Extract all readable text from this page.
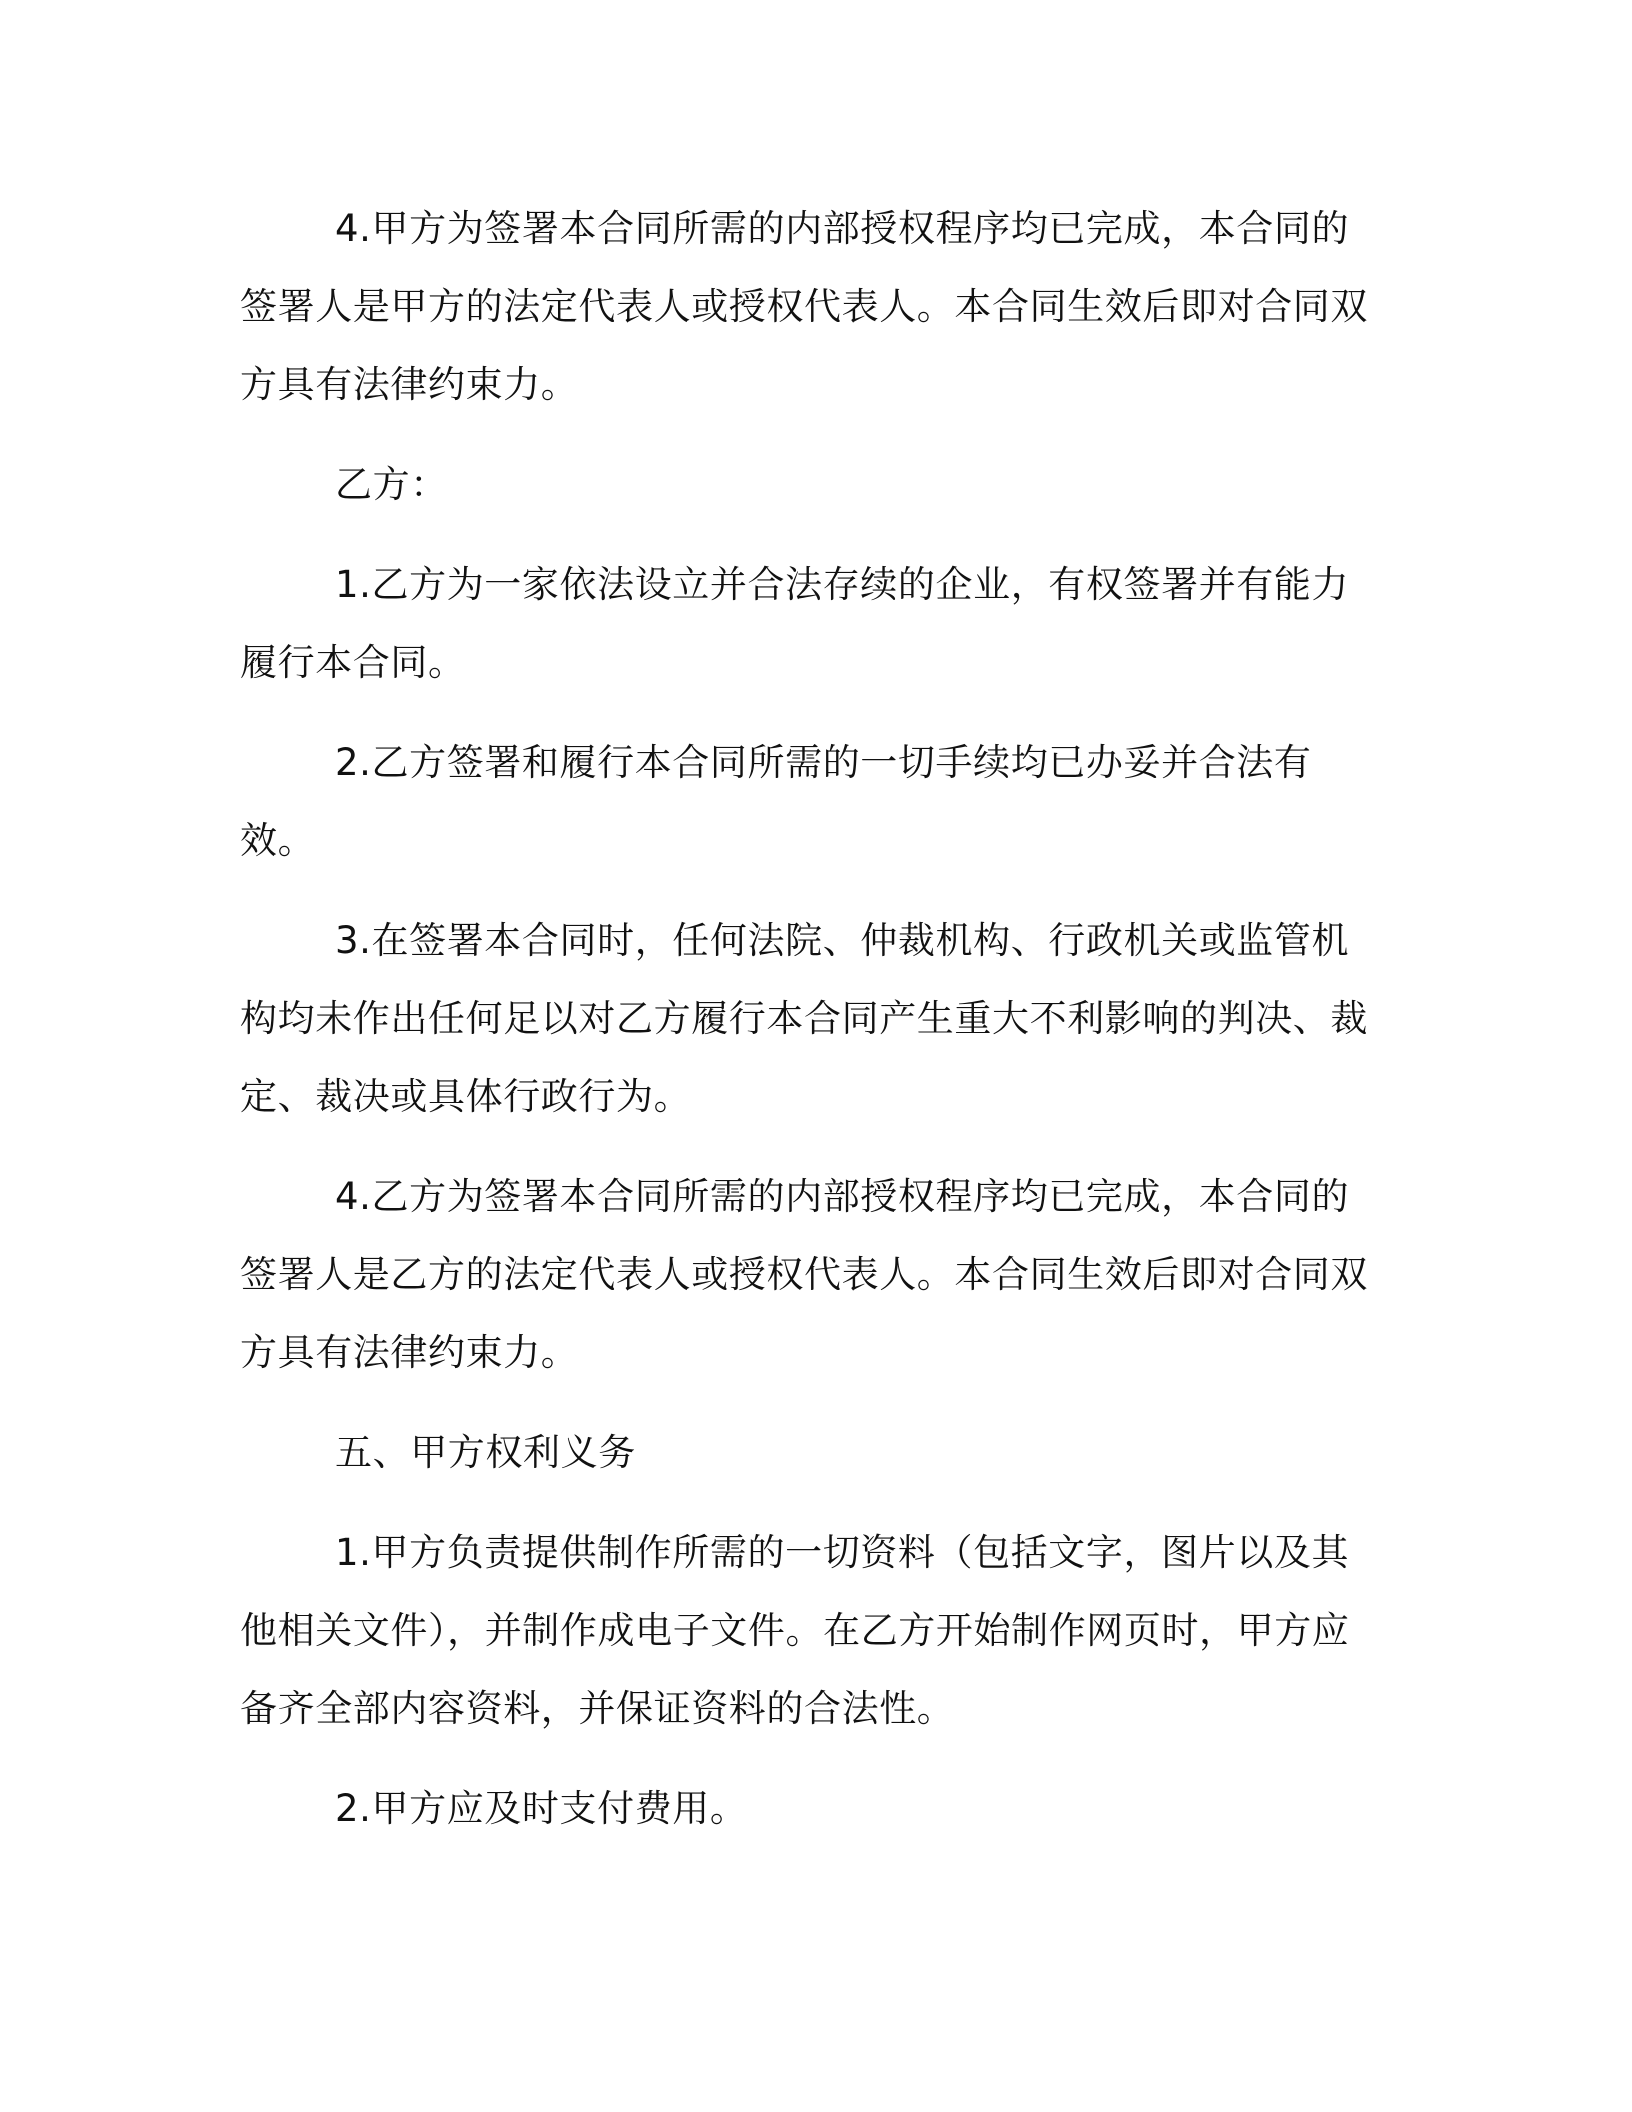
4.甲方为签署本合同所需的内部授权程序均已完成，本合同的签署人是甲方的法定代表人或授权代表人。本合同生效后即对合同双方具有法律约束力。

乙方：

1.乙方为一家依法设立并合法存续的企业，有权签署并有能力履行本合同。

2.乙方签署和履行本合同所需的一切手续均已办妥并合法有效。

3.在签署本合同时，任何法院、仲裁机构、行政机关或监管机构均未作出任何足以对乙方履行本合同产生重大不利影响的判决、裁定、裁决或具体行政行为。

4.乙方为签署本合同所需的内部授权程序均已完成，本合同的签署人是乙方的法定代表人或授权代表人。本合同生效后即对合同双方具有法律约束力。

五、甲方权利义务

1.甲方负责提供制作所需的一切资料（包括文字，图片以及其他相关文件），并制作成电子文件。在乙方开始制作网页时，甲方应备齐全部内容资料，并保证资料的合法性。

2.甲方应及时支付费用。
